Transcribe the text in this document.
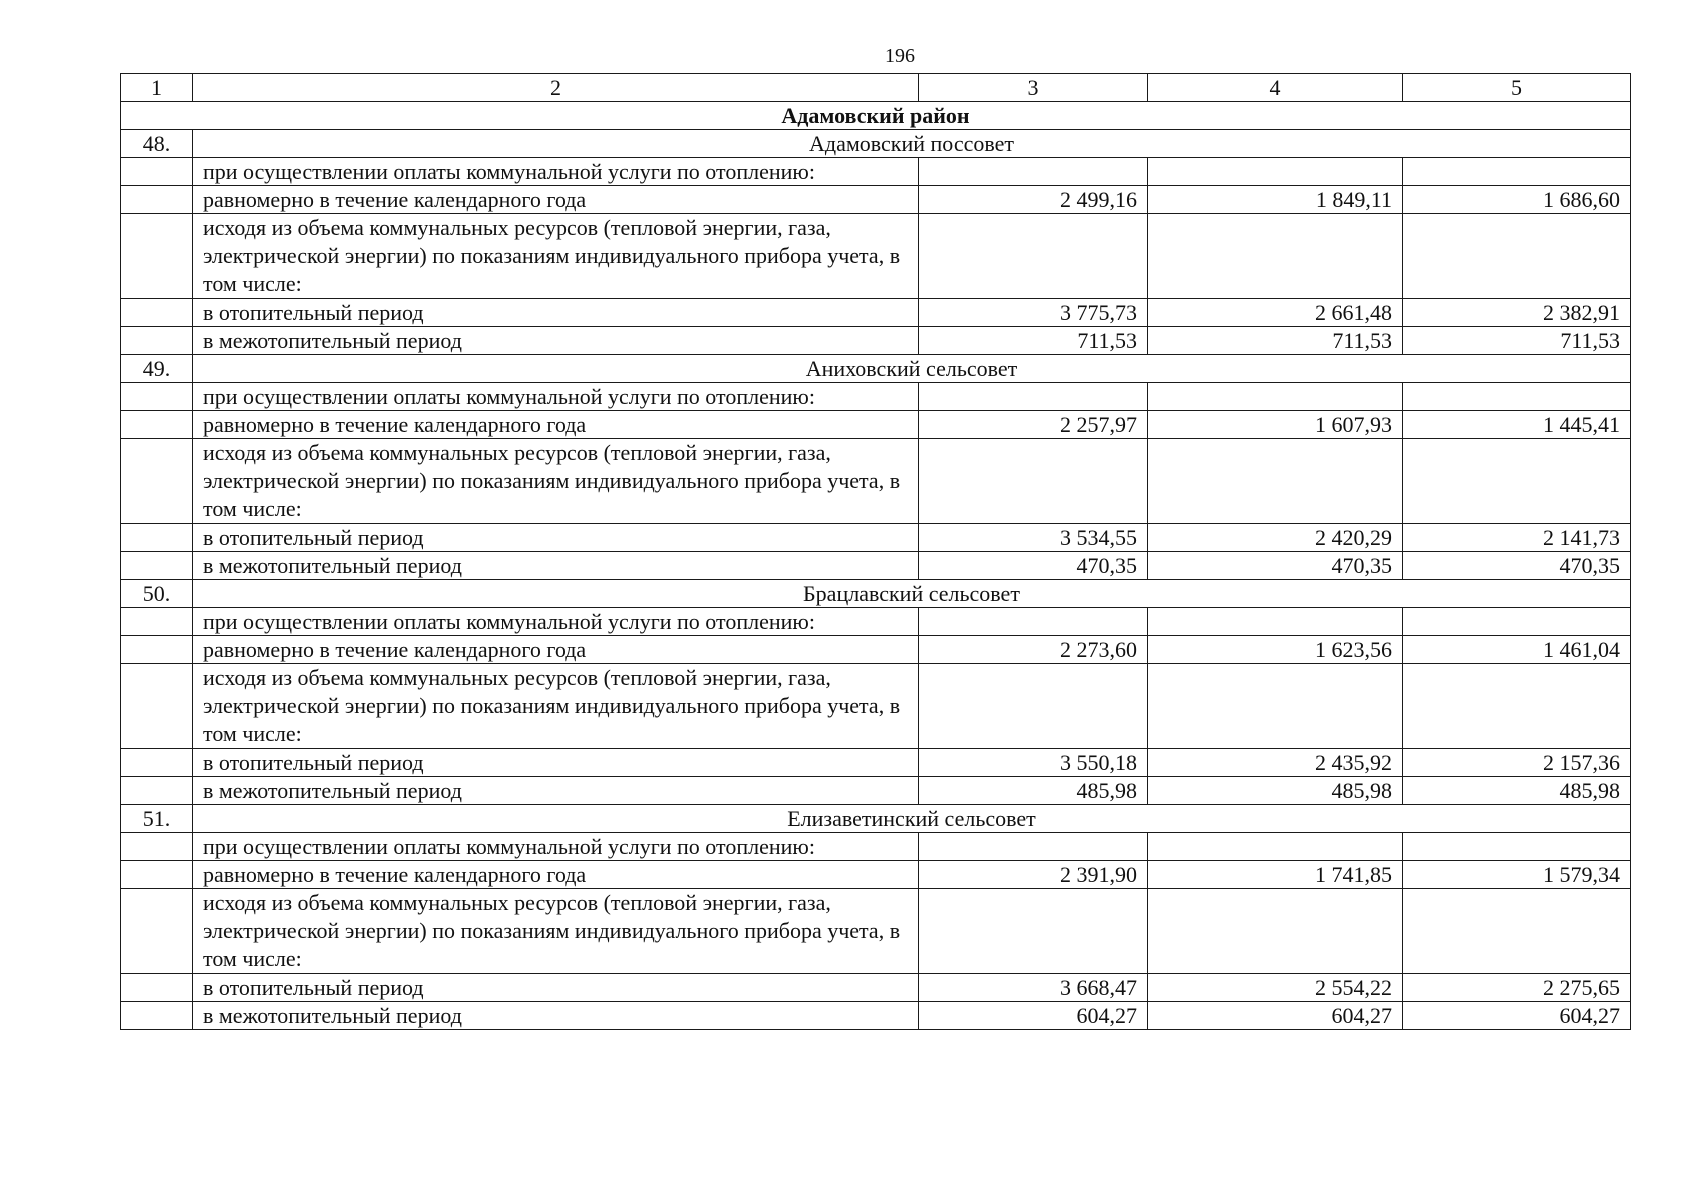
196
1	2	3	4	5
Адамовский район				
48.	Адамовский поссовет			
	при осуществлении оплаты коммунальной услуги по отоплению:			
	равномерно в течение календарного года	2 499,16	1 849,11	1 686,60
	исходя из объема коммунальных ресурсов (тепловой энергии, газа, электрической энергии) по показаниям индивидуального прибора учета, в том числе:			
	в отопительный период	3 775,73	2 661,48	2 382,91
	в межотопительный период	711,53	711,53	711,53
49.	Аниховский сельсовет			
	при осуществлении оплаты коммунальной услуги по отоплению:			
	равномерно в течение календарного года	2 257,97	1 607,93	1 445,41
	исходя из объема коммунальных ресурсов (тепловой энергии, газа, электрической энергии) по показаниям индивидуального прибора учета, в том числе:			
	в отопительный период	3 534,55	2 420,29	2 141,73
	в межотопительный период	470,35	470,35	470,35
50.	Брацлавский сельсовет			
	при осуществлении оплаты коммунальной услуги по отоплению:			
	равномерно в течение календарного года	2 273,60	1 623,56	1 461,04
	исходя из объема коммунальных ресурсов (тепловой энергии, газа, электрической энергии) по показаниям индивидуального прибора учета, в том числе:			
	в отопительный период	3 550,18	2 435,92	2 157,36
	в межотопительный период	485,98	485,98	485,98
51.	Елизаветинский сельсовет			
	при осуществлении оплаты коммунальной услуги по отоплению:			
	равномерно в течение календарного года	2 391,90	1 741,85	1 579,34
	исходя из объема коммунальных ресурсов (тепловой энергии, газа, электрической энергии) по показаниям индивидуального прибора учета, в том числе:			
	в отопительный период	3 668,47	2 554,22	2 275,65
	в межотопительный период	604,27	604,27	604,27
